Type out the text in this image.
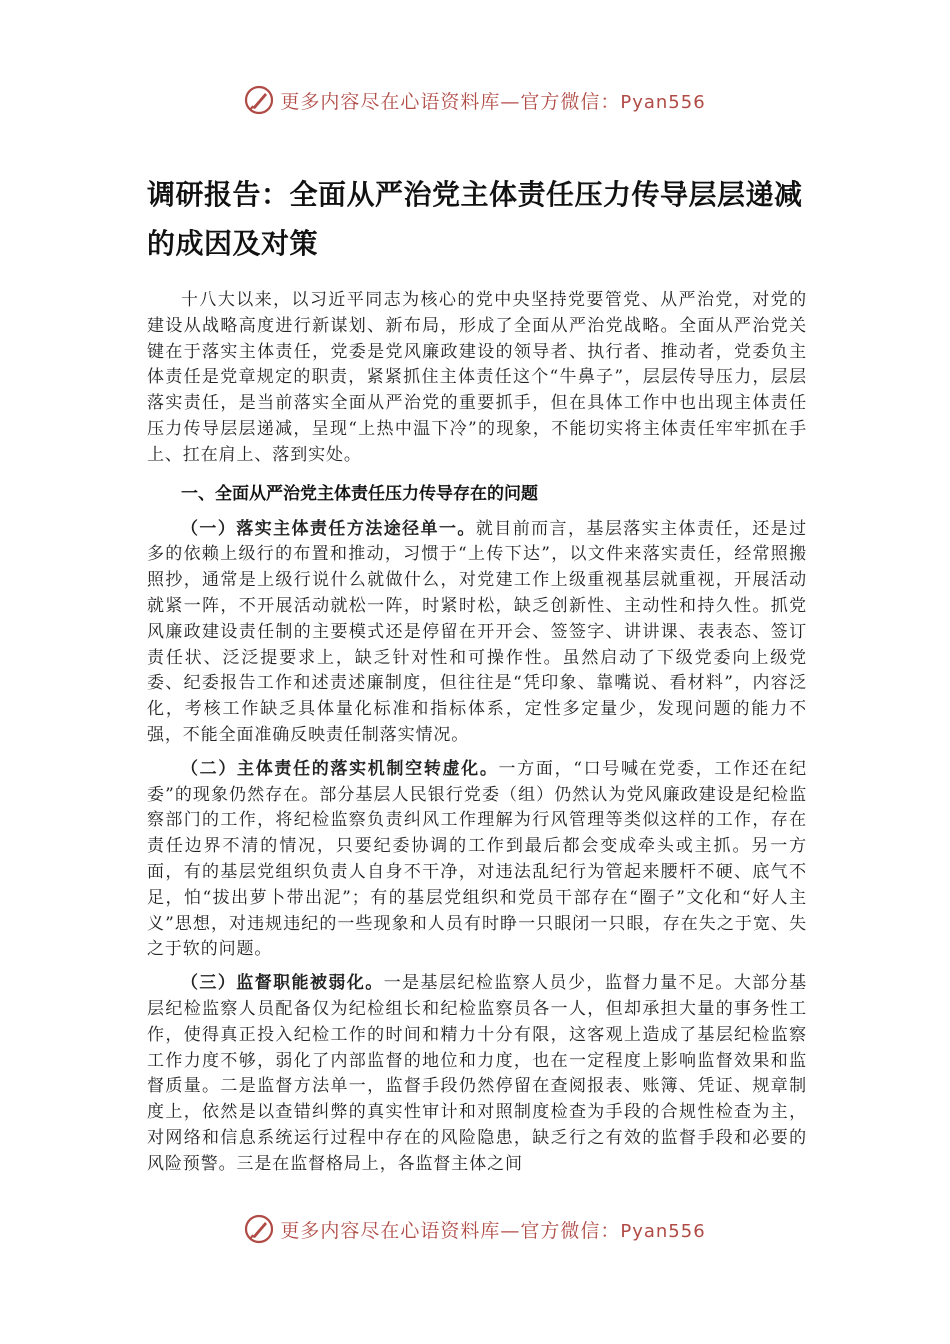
更多内容尽在心语资料库—官方微信：Pyan556
调研报告：全面从严治党主体责任压力传导层层递减的成因及对策

十八大以来，以习近平同志为核心的党中央坚持党要管党、从严治党，对党的建设从战略高度进行新谋划、新布局，形成了全面从严治党战略。全面从严治党关键在于落实主体责任，党委是党风廉政建设的领导者、执行者、推动者，党委负主体责任是党章规定的职责，紧紧抓住主体责任这个“牛鼻子”，层层传导压力，层层落实责任，是当前落实全面从严治党的重要抓手，但在具体工作中也出现主体责任压力传导层层递减，呈现“上热中温下冷”的现象，不能切实将主体责任牢牢抓在手上、扛在肩上、落到实处。

一、全面从严治党主体责任压力传导存在的问题

（一）落实主体责任方法途径单一。就目前而言，基层落实主体责任，还是过多的依赖上级行的布置和推动，习惯于“上传下达”，以文件来落实责任，经常照搬照抄，通常是上级行说什么就做什么，对党建工作上级重视基层就重视，开展活动就紧一阵，不开展活动就松一阵，时紧时松，缺乏创新性、主动性和持久性。抓党风廉政建设责任制的主要模式还是停留在开开会、签签字、讲讲课、表表态、签订责任状、泛泛提要求上，缺乏针对性和可操作性。虽然启动了下级党委向上级党委、纪委报告工作和述责述廉制度，但往往是“凭印象、靠嘴说、看材料”，内容泛化，考核工作缺乏具体量化标准和指标体系，定性多定量少，发现问题的能力不强，不能全面准确反映责任制落实情况。

（二）主体责任的落实机制空转虚化。一方面，“口号喊在党委，工作还在纪委”的现象仍然存在。部分基层人民银行党委（组）仍然认为党风廉政建设是纪检监察部门的工作，将纪检监察负责纠风工作理解为行风管理等类似这样的工作，存在责任边界不清的情况，只要纪委协调的工作到最后都会变成牵头或主抓。另一方面，有的基层党组织负责人自身不干净，对违法乱纪行为管起来腰杆不硬、底气不足，怕“拔出萝卜带出泥”；有的基层党组织和党员干部存在“圈子”文化和“好人主义”思想，对违规违纪的一些现象和人员有时睁一只眼闭一只眼，存在失之于宽、失之于软的问题。

（三）监督职能被弱化。一是基层纪检监察人员少，监督力量不足。大部分基层纪检监察人员配备仅为纪检组长和纪检监察员各一人，但却承担大量的事务性工作，使得真正投入纪检工作的时间和精力十分有限，这客观上造成了基层纪检监察工作力度不够，弱化了内部监督的地位和力度，也在一定程度上影响监督效果和监督质量。二是监督方法单一，监督手段仍然停留在查阅报表、账簿、凭证、规章制度上，依然是以查错纠弊的真实性审计和对照制度检查为手段的合规性检查为主，对网络和信息系统运行过程中存在的风险隐患，缺乏行之有效的监督手段和必要的风险预警。三是在监督格局上，各监督主体之间

更多内容尽在心语资料库—官方微信：Pyan556
